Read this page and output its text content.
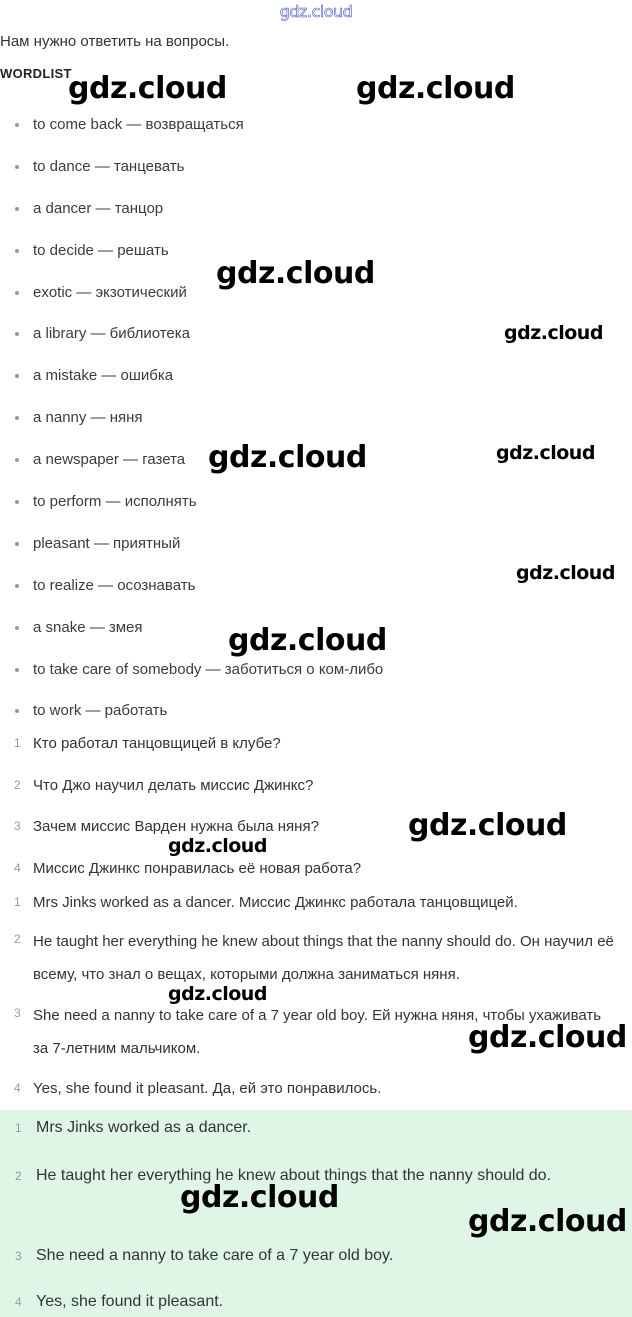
gdz.cloud
Нам нужно ответить на вопросы.
WORDLIST
to come back — возвращаться
to dance — танцевать
a dancer — танцор
to decide — решать
exotic — экзотический
a library — библиотека
a mistake — ошибка
a nanny — няня
a newspaper — газета
to perform — исполнять
pleasant — приятный
to realize — осознавать
a snake — змея
to take care of somebody — заботиться о ком-либо
to work — работать
1 Кто работал танцовщицей в клубе?
2 Что Джо научил делать миссис Джинкс?
3 Зачем миссис Варден нужна была няня?
4 Миссис Джинкс понравилась её новая работа?
1 Mrs Jinks worked as a dancer. Миссис Джинкс работала танцовщицей.
2 He taught her everything he knew about things that the nanny should do. Он научил её всему, что знал о вещах, которыми должна заниматься няня.
3 She need a nanny to take care of a 7 year old boy. Ей нужна няня, чтобы ухаживать за 7-летним мальчиком.
4 Yes, she found it pleasant. Да, ей это понравилось.
1 Mrs Jinks worked as a dancer.
2 He taught her everything he knew about things that the nanny should do.
3 She need a nanny to take care of a 7 year old boy.
4 Yes, she found it pleasant.
gdz.cloud	gdz.cloud
gdz.cloud
gdz.cloud
gdz.cloud	gdz.cloud
gdz.cloud
gdz.cloud
gdz.cloud
gdz.cloud
gdz.cloud
gdz.cloud
gdz.cloud
gdz.cloud
